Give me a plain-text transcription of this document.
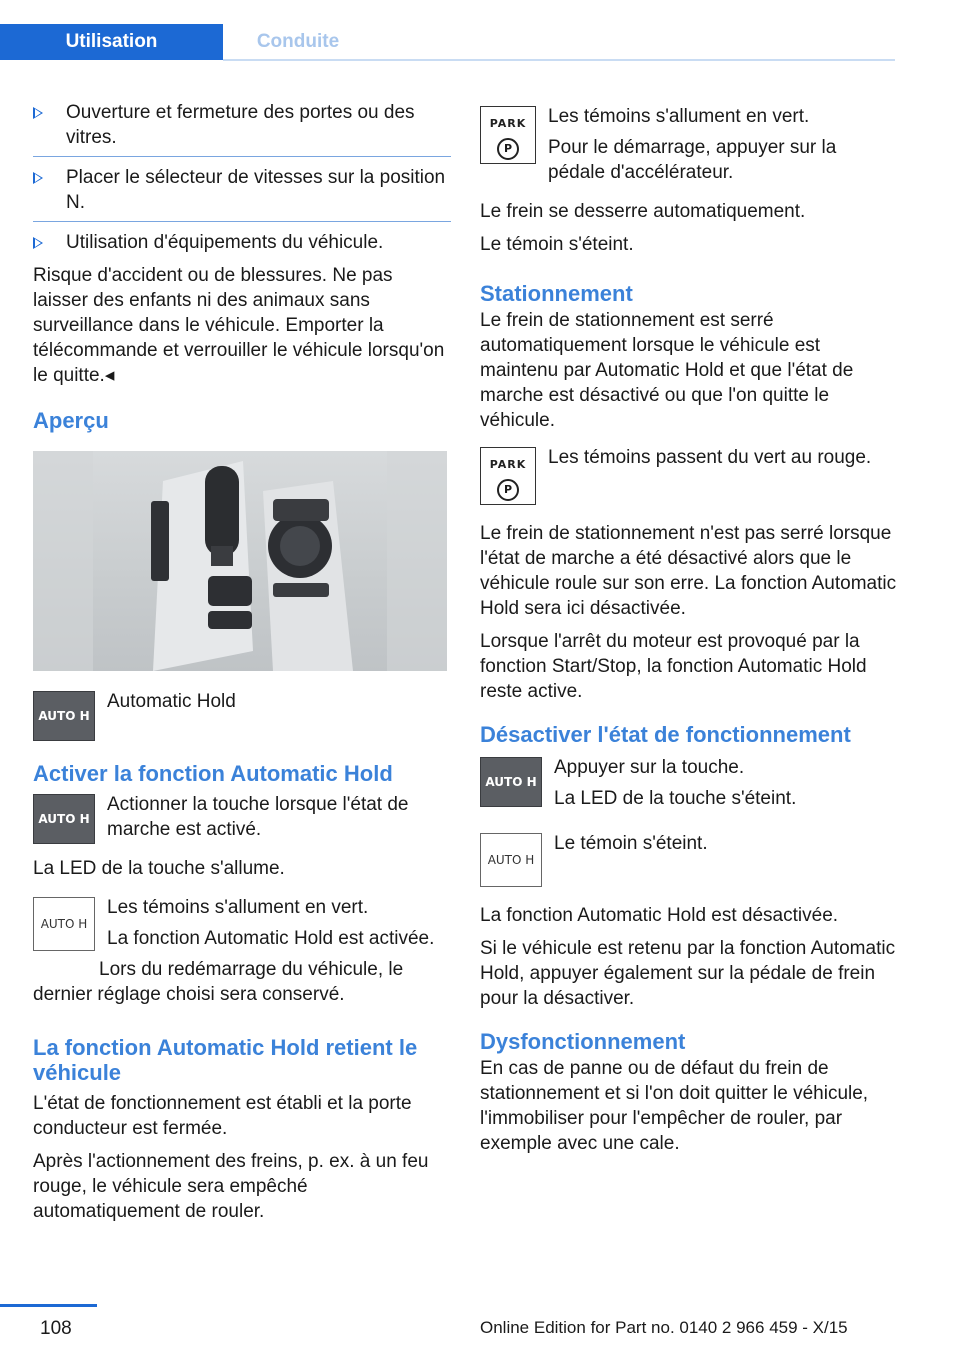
Utilisation	Conduite
Ouverture et fermeture des portes ou des vitres.
Placer le sélecteur de vitesses sur la position N.
Utilisation d'équipements du véhicule.

Risque d'accident ou de blessures. Ne pas laisser des enfants ni des animaux sans surveillance dans le véhicule. Emporter la télécommande et verrouiller le véhicule lorsqu'on le quitte.◂

Aperçu
AUTO H

Automatic Hold

Activer la fonction Automatic Hold
AUTO H

Actionner la touche lorsque l'état de marche est activé.

La LED de la touche s'allume.

AUTO H

Les témoins s'allument en vert.

La fonction Automatic Hold est activée.

Lors du redémarrage du véhicule, le dernier réglage choisi sera conservé.

La fonction Automatic Hold retient le véhicule

L'état de fonctionnement est établi et la porte conducteur est fermée.

Après l'actionnement des freins, p. ex. à un feu rouge, le véhicule sera empêché automatiquement de rouler.

PARK
P

Les témoins s'allument en vert.

Pour le démarrage, appuyer sur la pédale d'accélérateur.

Le frein se desserre automatiquement.

Le témoin s'éteint.

Stationnement

Le frein de stationnement est serré automatiquement lorsque le véhicule est maintenu par Automatic Hold et que l'état de marche est désactivé ou que l'on quitte le véhicule.

PARK
P

Les témoins passent du vert au rouge.

Le frein de stationnement n'est pas serré lorsque l'état de marche a été désactivé alors que le véhicule roule sur son erre. La fonction Automatic Hold sera ici désactivée.

Lorsque l'arrêt du moteur est provoqué par la fonction Start/Stop, la fonction Automatic Hold reste active.

Désactiver l'état de fonctionnement
AUTO H

Appuyer sur la touche.

La LED de la touche s'éteint.

AUTO H

Le témoin s'éteint.

La fonction Automatic Hold est désactivée.

Si le véhicule est retenu par la fonction Automatic Hold, appuyer également sur la pédale de frein pour la désactiver.

Dysfonctionnement

En cas de panne ou de défaut du frein de stationnement et si l'on doit quitter le véhicule, l'immobiliser pour l'empêcher de rouler, par exemple avec une cale.

108	Online Edition for Part no. 0140 2 966 459 - X/15
